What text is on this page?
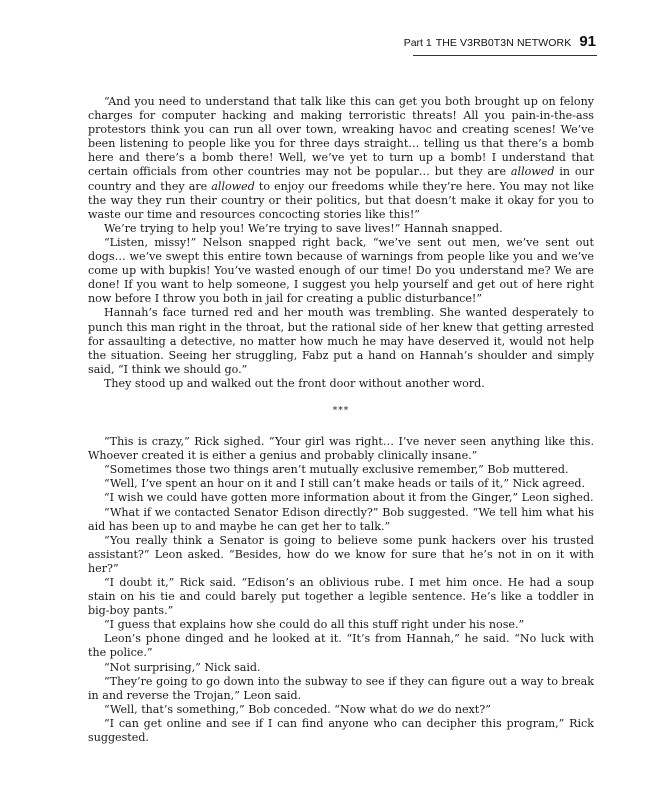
Part 1 THE V3RB0T3N NETWORK 91

“And you need to understand that talk like this can get you both brought up on felony charges for computer hacking and making terroristic threats! All you pain-in-the-ass protestors think you can run all over town, wreaking havoc and creating scenes! We’ve been listening to people like you for three days straight… telling us that there’s a bomb here and there’s a bomb there! Well, we’ve yet to turn up a bomb! I understand that certain officials from other countries may not be popular… but they are allowed in our country and they are allowed to enjoy our freedoms while they’re here. You may not like the way they run their country or their politics, but that doesn’t make it okay for you to waste our time and resources concocting stories like this!”

We’re trying to help you! We’re trying to save lives!” Hannah snapped.

“Listen, missy!” Nelson snapped right back, “we’ve sent out men, we’ve sent out dogs… we’ve swept this entire town because of warnings from people like you and we’ve come up with bupkis! You’ve wasted enough of our time! Do you understand me? We are done! If you want to help someone, I suggest you help yourself and get out of here right now before I throw you both in jail for creating a public disturbance!”

Hannah’s face turned red and her mouth was trembling. She wanted desperately to punch this man right in the throat, but the rational side of her knew that getting arrested for assaulting a detective, no matter how much he may have deserved it, would not help the situation. Seeing her struggling, Fabz put a hand on Hannah’s shoulder and simply said, “I think we should go.”

They stood up and walked out the front door without another word.

***

“This is crazy,” Rick sighed. “Your girl was right… I’ve never seen anything like this. Whoever created it is either a genius and probably clinically insane.”

“Sometimes those two things aren’t mutually exclusive remember,” Bob muttered.

“Well, I’ve spent an hour on it and I still can’t make heads or tails of it,” Nick agreed.

“I wish we could have gotten more information about it from the Ginger,” Leon sighed.

“What if we contacted Senator Edison directly?” Bob suggested. “We tell him what his aid has been up to and maybe he can get her to talk.”

“You really think a Senator is going to believe some punk hackers over his trusted assistant?” Leon asked. “Besides, how do we know for sure that he’s not in on it with her?”

“I doubt it,” Rick said. “Edison’s an oblivious rube. I met him once. He had a soup stain on his tie and could barely put together a legible sentence. He’s like a toddler in big-boy pants.”

“I guess that explains how she could do all this stuff right under his nose.”

Leon’s phone dinged and he looked at it. “It’s from Hannah,” he said. “No luck with the police.”

“Not surprising,” Nick said.

“They’re going to go down into the subway to see if they can figure out a way to break in and reverse the Trojan,” Leon said.

“Well, that’s something,” Bob conceded. “Now what do we do next?”

“I can get online and see if I can find anyone who can decipher this program,” Rick suggested.
